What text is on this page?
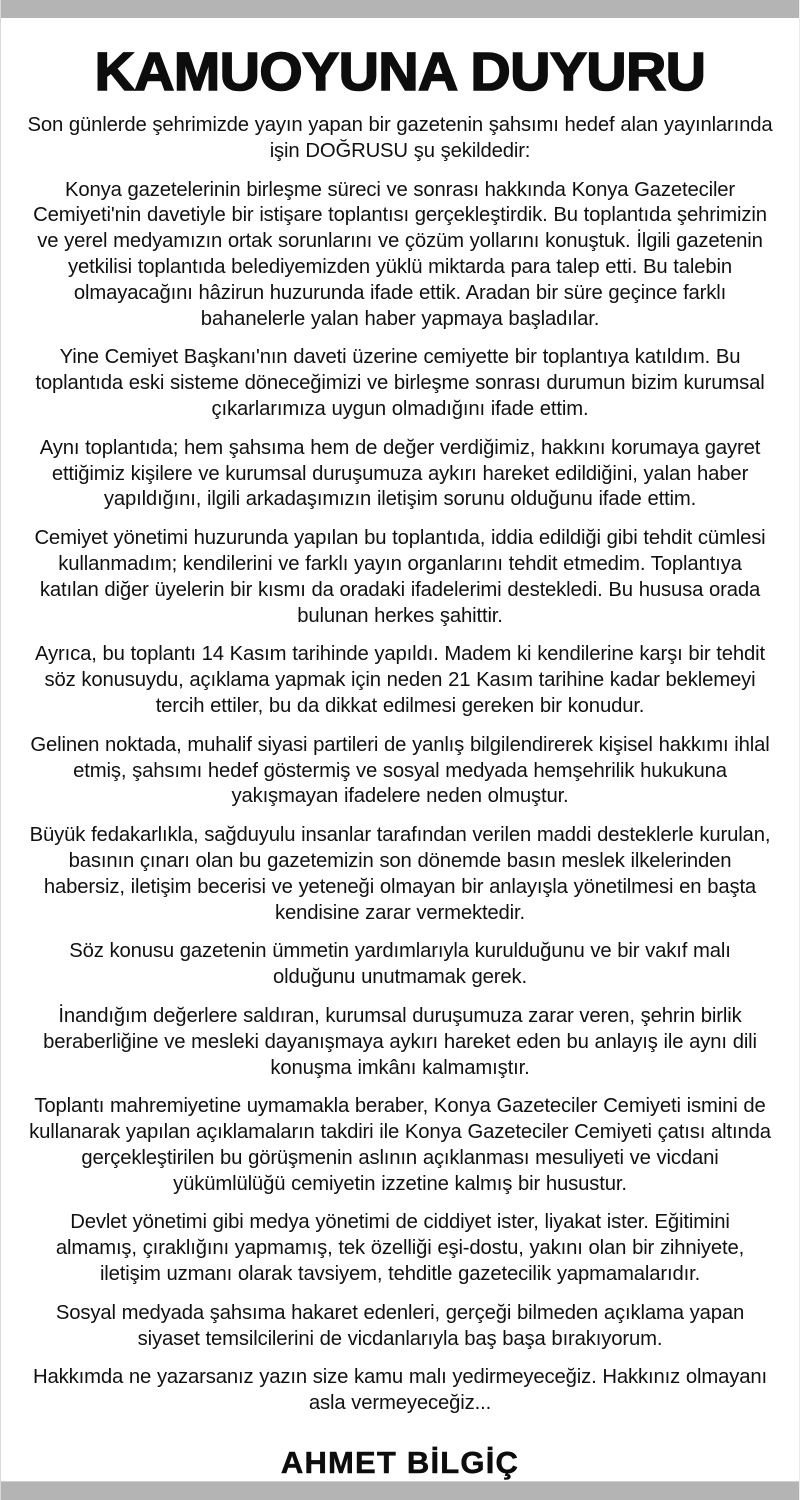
KAMUOYUNA DUYURU

Son günlerde şehrimizde yayın yapan bir gazetenin şahsımı hedef alan yayınlarında işin DOĞRUSU şu şekildedir:

Konya gazetelerinin birleşme süreci ve sonrası hakkında Konya Gazeteciler Cemiyeti'nin davetiyle bir istişare toplantısı gerçekleştirdik. Bu toplantıda şehrimizin ve yerel medyamızın ortak sorunlarını ve çözüm yollarını konuştuk. İlgili gazetenin yetkilisi toplantıda belediyemizden yüklü miktarda para talep etti. Bu talebin olmayacağını hâzirun huzurunda ifade ettik. Aradan bir süre geçince farklı bahanelerle yalan haber yapmaya başladılar.

Yine Cemiyet Başkanı'nın daveti üzerine cemiyette bir toplantıya katıldım. Bu toplantıda eski sisteme döneceğimizi ve birleşme sonrası durumun bizim kurumsal çıkarlarımıza uygun olmadığını ifade ettim.

Aynı toplantıda; hem şahsıma hem de değer verdiğimiz, hakkını korumaya gayret ettiğimiz kişilere ve kurumsal duruşumuza aykırı hareket edildiğini, yalan haber yapıldığını, ilgili arkadaşımızın iletişim sorunu olduğunu ifade ettim.

Cemiyet yönetimi huzurunda yapılan bu toplantıda, iddia edildiği gibi tehdit cümlesi kullanmadım; kendilerini ve farklı yayın organlarını tehdit etmedim. Toplantıya katılan diğer üyelerin bir kısmı da oradaki ifadelerimi destekledi. Bu hususa orada bulunan herkes şahittir.

Ayrıca, bu toplantı 14 Kasım tarihinde yapıldı. Madem ki kendilerine karşı bir tehdit söz konusuydu, açıklama yapmak için neden 21 Kasım tarihine kadar beklemeyi tercih ettiler, bu da dikkat edilmesi gereken bir konudur.

Gelinen noktada, muhalif siyasi partileri de yanlış bilgilendirerek kişisel hakkımı ihlal etmiş, şahsımı hedef göstermiş ve sosyal medyada hemşehrilik hukukuna yakışmayan ifadelere neden olmuştur.

Büyük fedakarlıkla, sağduyulu insanlar tarafından verilen maddi desteklerle kurulan, basının çınarı olan bu gazetemizin son dönemde basın meslek ilkelerinden habersiz, iletişim becerisi ve yeteneği olmayan bir anlayışla yönetilmesi en başta kendisine zarar vermektedir.

Söz konusu gazetenin ümmetin yardımlarıyla kurulduğunu ve bir vakıf malı olduğunu unutmamak gerek.

İnandığım değerlere saldıran, kurumsal duruşumuza zarar veren, şehrin birlik beraberliğine ve mesleki dayanışmaya aykırı hareket eden bu anlayış ile aynı dili konuşma imkânı kalmamıştır.

Toplantı mahremiyetine uymamakla beraber, Konya Gazeteciler Cemiyeti ismini de kullanarak yapılan açıklamaların takdiri ile Konya Gazeteciler Cemiyeti çatısı altında gerçekleştirilen bu görüşmenin aslının açıklanması mesuliyeti ve vicdani yükümlülüğü cemiyetin izzetine kalmış bir husustur.

Devlet yönetimi gibi medya yönetimi de ciddiyet ister, liyakat ister. Eğitimini almamış, çıraklığını yapmamış, tek özelliği eşi-dostu, yakını olan bir zihniyete, iletişim uzmanı olarak tavsiyem, tehditle gazetecilik yapmamalarıdır.

Sosyal medyada şahsıma hakaret edenleri, gerçeği bilmeden açıklama yapan siyaset temsilcilerini de vicdanlarıyla baş başa bırakıyorum.

Hakkımda ne yazarsanız yazın size kamu malı yedirmeyeceğiz. Hakkınız olmayanı asla vermeyeceğiz...

AHMET BİLGİÇ
